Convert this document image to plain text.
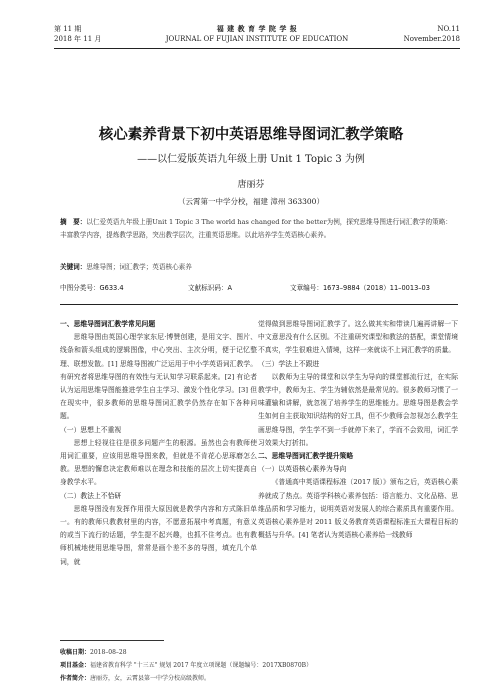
第 11 期
2018 年 11 月
福 建 教 育 学 院 学 报
JOURNAL OF FUJIAN INSTITUTE OF EDUCATION
NO.11
November.2018
核心素养背景下初中英语思维导图词汇教学策略
——以仁爱版英语九年级上册 Unit 1 Topic 3 为例
唐丽芬
（云霄第一中学分校，福建 漳州 363300）
摘　要：以仁爱英语九年级上册Unit 1 Topic 3 The world has changed for the better为例，探究思维导图进行词汇教学的策略：丰富教学内容，提炼教学思路，突出教学层次，注重英语思维。以此培养学生英语核心素养。
关键词：思维导图；词汇教学；英语核心素养
中图分类号：G633.4	文献标识码：A	文章编号：1673–9884（2018）11–0013–03
一、思维导图词汇教学常见问题

思维导图由英国心理学家东尼·博赞创建，是用文字、图片、线条和箭头组成的逻辑图像，中心突出、主次分明，便于记忆整理、联想发散。[1] 思维导图被广泛运用于中小学英语词汇教学。有研究者将思维导图的有效性与无认知学习联系起来。[2] 有论者认为运用思维导图能推进学生自主学习、激发个性化学习。[3] 但在现实中，很多教师的思维导图词汇教学仍然存在如下各种问题。

（一）思想上不重视

思想上轻视往往是很多问题产生的根源。虽然也会有教师使用词汇重要，应该用思维导图来教，但就是不肯花心思琢磨怎么教。思想的懈怠决定教师难以在理念和技能的层次上切实提高自身教学水平。

（二）教法上不恰研

思维导图没有发挥作用很大原因就是教学内容和方式陈旧单一。有的教师只教教材里的内容，不愿意拓展中考真题，有意义的或当下流行的话题，学生提不起兴趣，也抓不住考点。也有教师机械地使用思维导图，常常是画个差不多的导图，填充几个单词，就

觉得做到思维导图词汇教学了。这么做其实和带读几遍再讲解一下中文意思没有什么区别。不注重研究课型和教法的搭配，课堂情境不真实，学生很难进入情境，这样一来就谈不上词汇教学的质量。

（三）学法上不跟进

以教师为主导的课堂和以学生为导向的课堂都流行过，在实际教学中，教师为主、学生为辅依然是最常见的。很多教师习惯了一味灌输和讲解，就忽视了培养学生的思维能力。思维导图是教会学生如何自主获取知识结构的好工具，但不少教师会忽视怎么教学生画思维导图，学生学不到一手就停下来了，学而不会致用，词汇学习效果大打折扣。

二、思维导图词汇教学提升策略
（一）以英语核心素养为导向

《普通高中英语课程标准（2017 版）》颁布之后，英语核心素养就成了热点。英语学科核心素养包括：语言能力、文化品格、思维品质和学习能力，说明英语对发展人的综合素质具有重要作用。英语核心素养是对 2011 版义务教育英语课程标准五大课程目标的概括与升华。[4] 笔者认为英语核心素养给一线教师

收稿日期：2018–08–28
项目基金：福建省教育科学 "十三五" 规划 2017 年度立项课题（课题编号：2017XB0870B）
作者简介：唐丽芬，女，云霄县第一中学分校高级教师。
